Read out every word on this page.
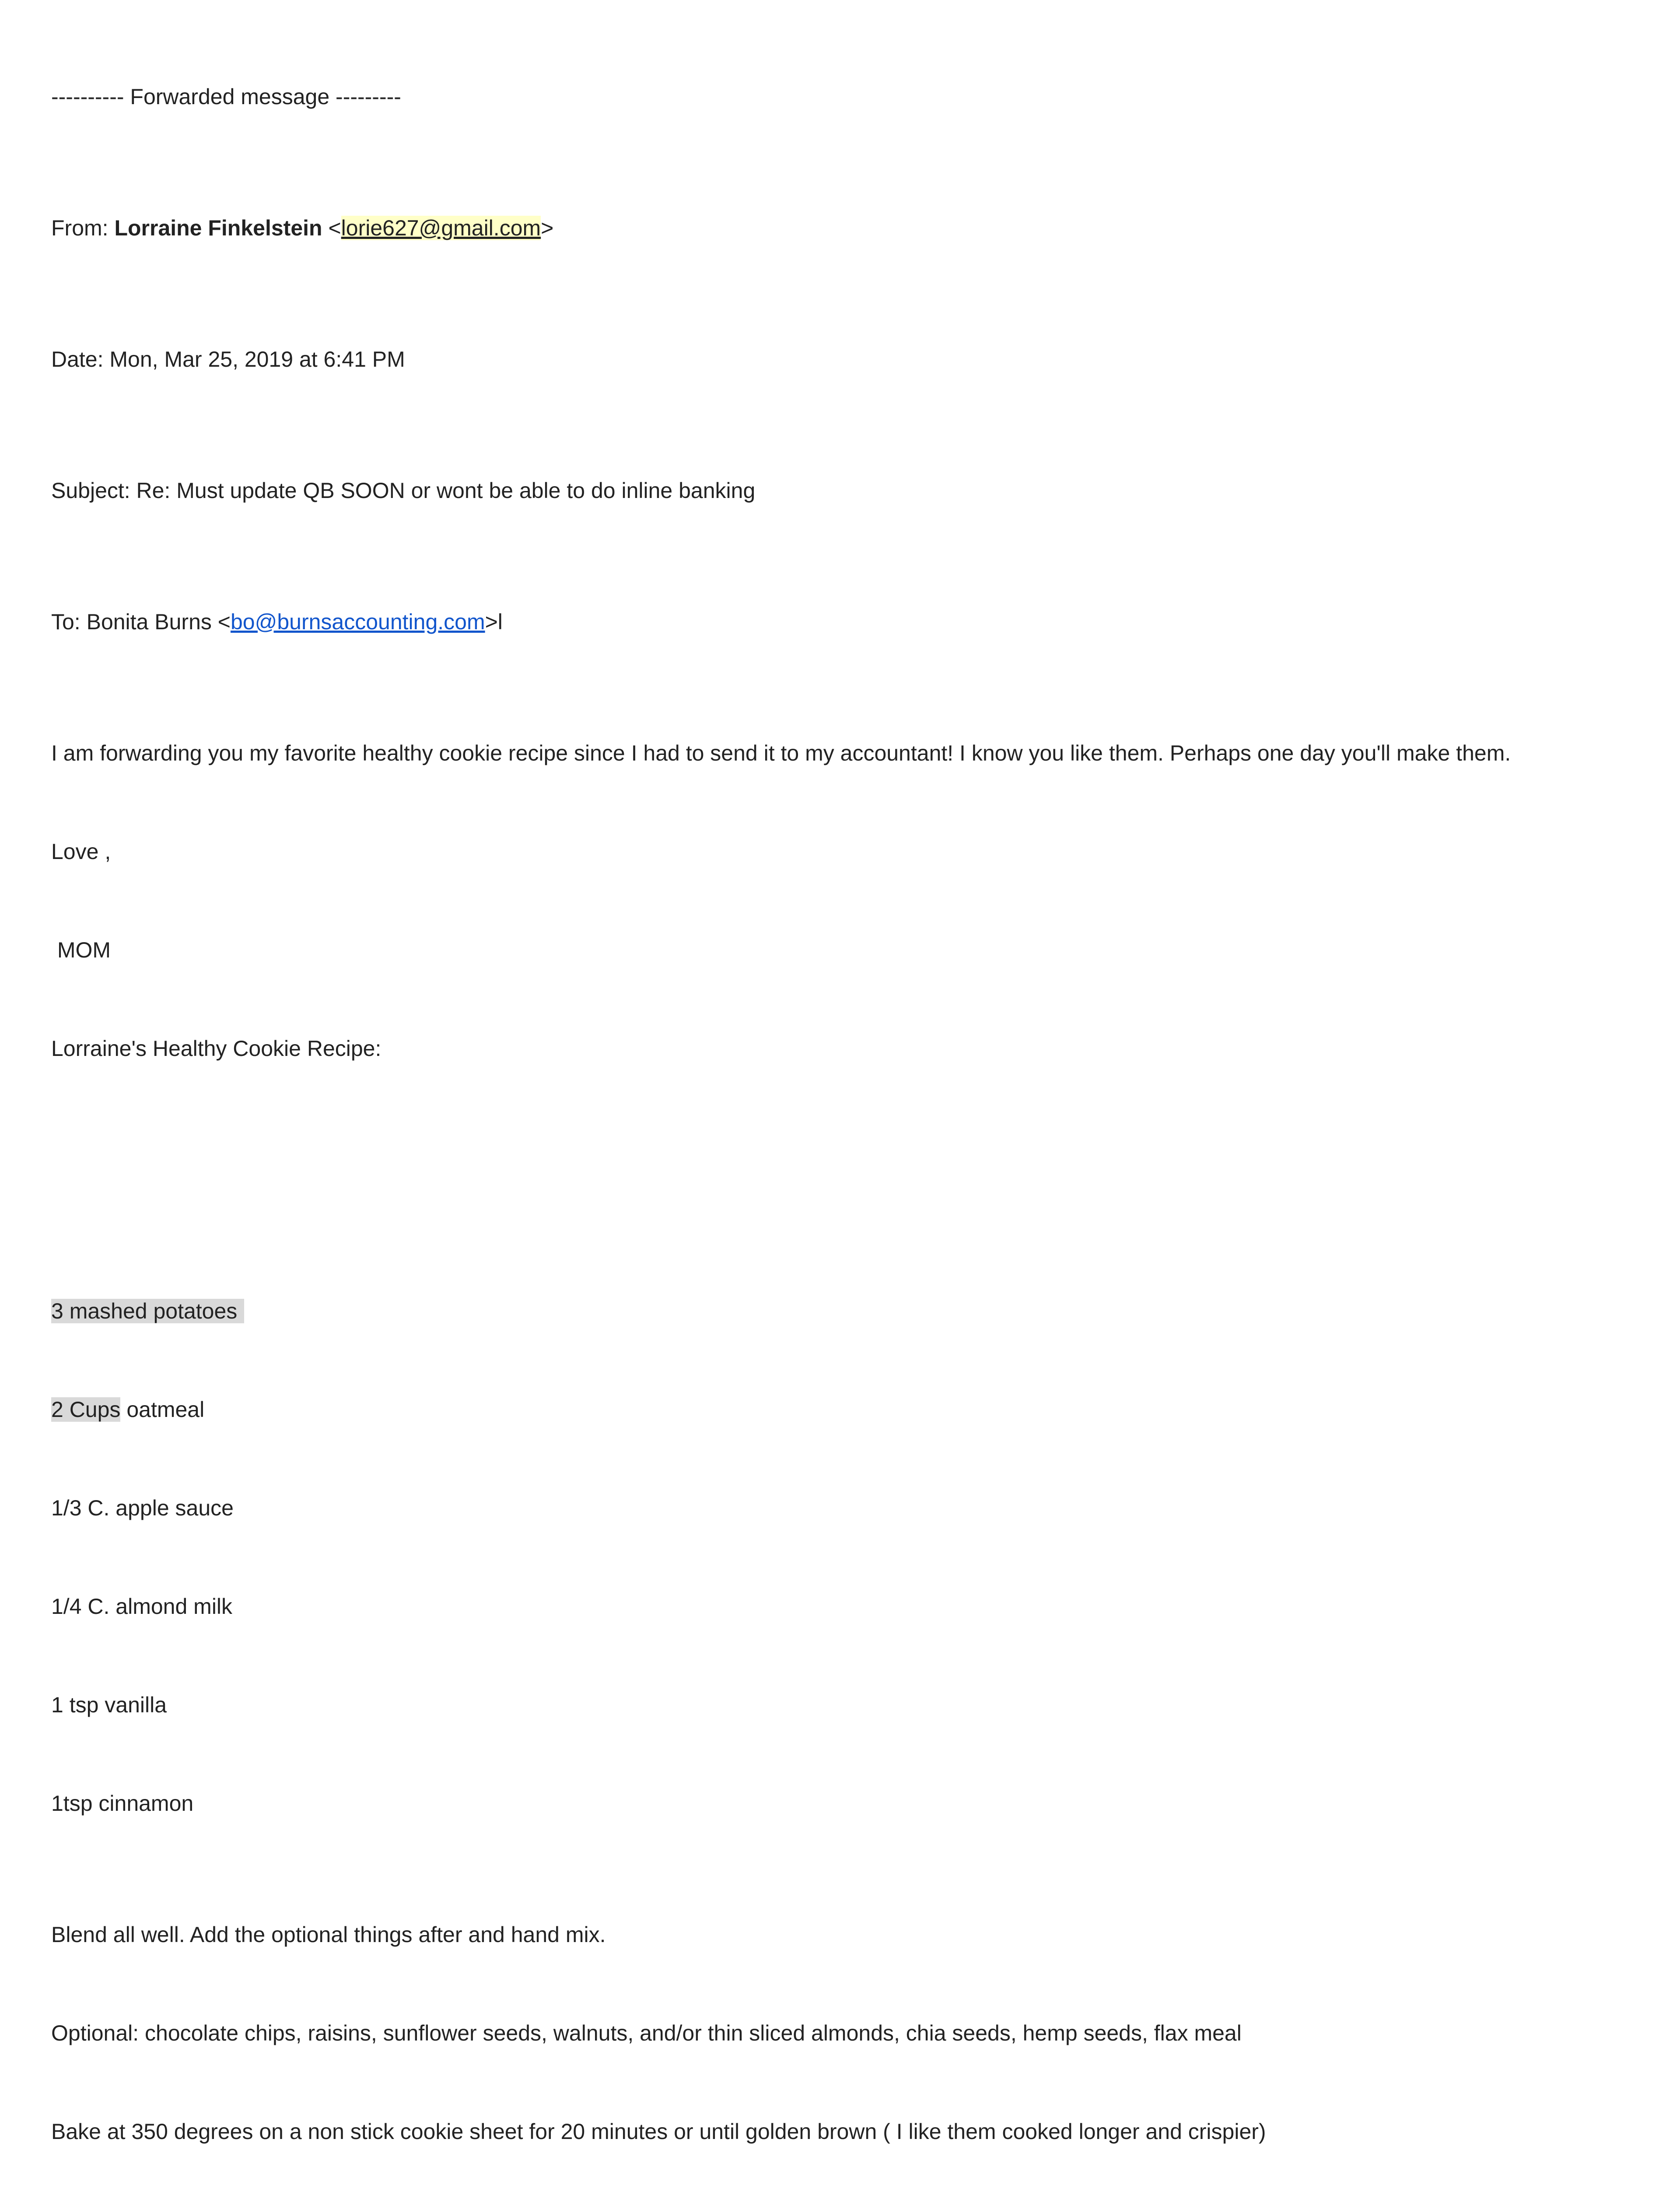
---------- Forwarded message ---------

From: Lorraine Finkelstein <lorie627@gmail.com>

Date: Mon, Mar 25, 2019 at 6:41 PM

Subject: Re: Must update QB SOON or wont be able to do inline banking

To: Bonita Burns <bo@burnsaccounting.com>l

I am forwarding you my favorite healthy cookie recipe since I had to send it to my accountant! I know you like them. Perhaps one day you'll make them.

Love ,

MOM

Lorraine's Healthy Cookie Recipe:

3 mashed potatoes

2 Cups oatmeal

1/3 C. apple sauce

1/4 C. almond milk

1 tsp vanilla

1tsp cinnamon

Blend all well. Add the optional things after and hand mix.

Optional: chocolate chips, raisins, sunflower seeds, walnuts, and/or thin sliced almonds, chia seeds, hemp seeds, flax meal

Bake at 350 degrees on a non stick cookie sheet for 20 minutes or until golden brown ( I like them cooked longer and crispier)
